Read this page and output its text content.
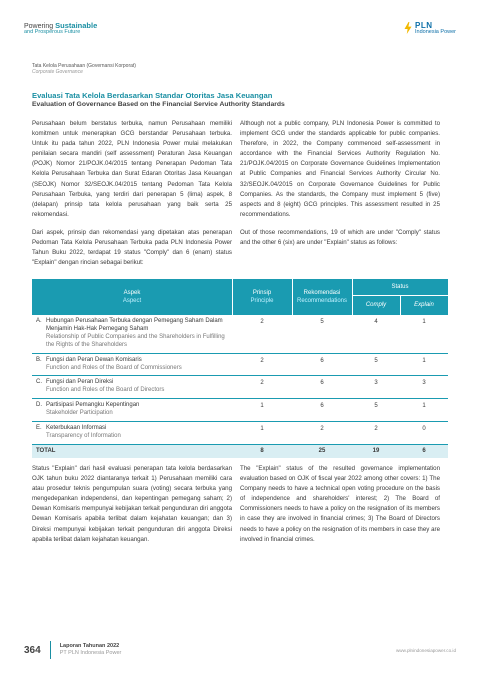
Powering Sustainable
and Prosperous Future
PLN
Indonesia Power
Tata Kelola Perusahaan (Governansi Korporat)
Corporate Governance
Evaluasi Tata Kelola Berdasarkan Standar Otoritas Jasa Keuangan
Evaluation of Governance Based on the Financial Service Authority Standards
Perusahaan belum berstatus terbuka, namun Perusahaan memiliki komitmen untuk menerapkan GCG berstandar Perusahaan terbuka. Untuk itu pada tahun 2022, PLN Indonesia Power mulai melakukan penilaian secara mandiri (self assessment) Peraturan Jasa Keuangan (POJK) Nomor 21/POJK.04/2015 tentang Penerapan Pedoman Tata Kelola Perusahaan Terbuka dan Surat Edaran Otoritas Jasa Keuangan (SEOJK) Nomor 32/SEOJK.04/2015 tentang Pedoman Tata Kelola Perusahaan Terbuka, yang terdiri dari penerapan 5 (lima) aspek, 8 (delapan) prinsip tata kelola perusahaan yang baik serta 25 rekomendasi.
Although not a public company, PLN Indonesia Power is committed to implement GCG under the standards applicable for public companies. Therefore, in 2022, the Company commenced self-assessment in accordance with the Financial Services Authority Regulation No. 21/POJK.04/2015 on Corporate Governance Guidelines Implementation at Public Companies and Financial Services Authority Circular No. 32/SEOJK.04/2015 on Corporate Governance Guidelines for Public Companies. As the standards, the Company must implement 5 (five) aspects and 8 (eight) GCG principles. This assessment resulted in 25 recommendations.
Dari aspek, prinsip dan rekomendasi yang dipetakan atas penerapan Pedoman Tata Kelola Perusahaan Terbuka pada PLN Indonesia Power Tahun Buku 2022, terdapat 19 status "Comply" dan 6 (enam) status "Explain" dengan rincian sebagai berikut:
Out of those recommendations, 19 of which are under "Comply" status and the other 6 (six) are under "Explain" status as follows:
Aspek
Aspect
Prinsip
Principle
Rekomendasi
Recommendations
Status
Comply	Explain
A. Hubungan Perusahaan Terbuka dengan Pemegang Saham Dalam Menjamin Hak-Hak Pemegang Saham
Relationship of Public Companies and the Shareholders in Fulfilling the Rights of the Shareholders
2	5	4	1
B. Fungsi dan Peran Dewan Komisaris
Function and Roles of the Board of Commissioners
2	6	5	1
C. Fungsi dan Peran Direksi
Function and Roles of the Board of Directors
2	6	3	3
D. Partisipasi Pemangku Kepentingan
Stakeholder Participation
1	6	5	1
E. Keterbukaan Informasi
Transparency of Information
1	2	2	0
TOTAL	8	25	19	6
Status "Explain" dari hasil evaluasi penerapan tata kelola berdasarkan OJK tahun buku 2022 diantaranya terkait 1) Perusahaan memiliki cara atau prosedur teknis pengumpulan suara (voting) secara terbuka yang mengedepankan independensi, dan kepentingan pemegang saham; 2) Dewan Komisaris mempunyai kebijakan terkait pengunduran diri anggota Dewan Komisaris apabila terlibat dalam kejahatan keuangan; dan 3) Direksi mempunyai kebijakan terkait pengunduran diri anggota Direksi apabila terlibat dalam kejahatan keuangan.
The "Explain" status of the resulted governance implementation evaluation based on OJK of fiscal year 2022 among other covers: 1) The Company needs to have a technical open voting procedure on the basis of independence and shareholders' interest; 2) The Board of Commissioners needs to have a policy on the resignation of its members in case they are involved in financial crimes; 3) The Board of Directors needs to have a policy on the resignation of its members in case they are involved in financial crimes.
364	Laporan Tahunan 2022
PT PLN Indonesia Power	www.plnindonesiapower.co.id
